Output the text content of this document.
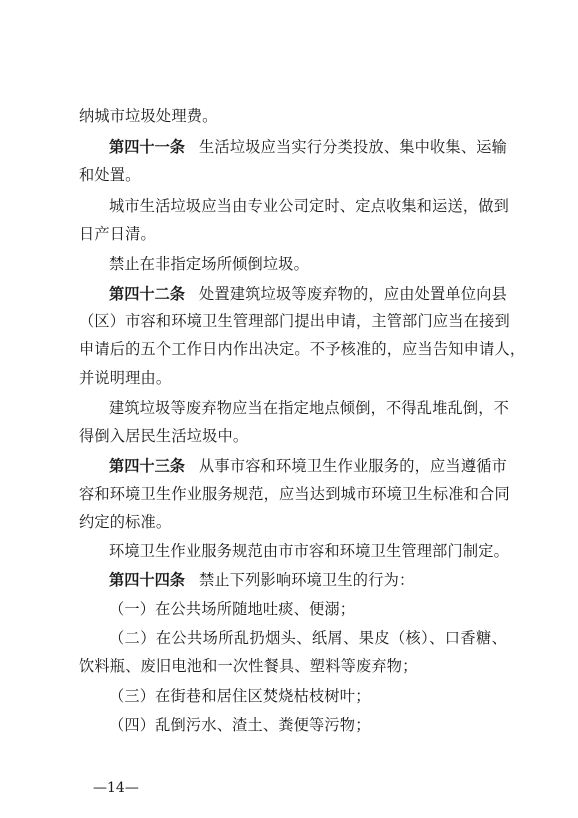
纳城市垃圾处理费。
第四十一条 生活垃圾应当实行分类投放、集中收集、运输
和处置。
城市生活垃圾应当由专业公司定时、定点收集和运送，做到
日产日清。
禁止在非指定场所倾倒垃圾。
第四十二条 处置建筑垃圾等废弃物的，应由处置单位向县
（区）市容和环境卫生管理部门提出申请，主管部门应当在接到
申请后的五个工作日内作出决定。不予核准的，应当告知申请人，
并说明理由。
建筑垃圾等废弃物应当在指定地点倾倒，不得乱堆乱倒，不
得倒入居民生活垃圾中。
第四十三条 从事市容和环境卫生作业服务的，应当遵循市
容和环境卫生作业服务规范，应当达到城市环境卫生标准和合同
约定的标准。
环境卫生作业服务规范由市市容和环境卫生管理部门制定。
第四十四条 禁止下列影响环境卫生的行为：
（一）在公共场所随地吐痰、便溺；
（二）在公共场所乱扔烟头、纸屑、果皮（核）、口香糖、
饮料瓶、废旧电池和一次性餐具、塑料等废弃物；
（三）在街巷和居住区焚烧枯枝树叶；
（四）乱倒污水、渣土、粪便等污物；
—14—
